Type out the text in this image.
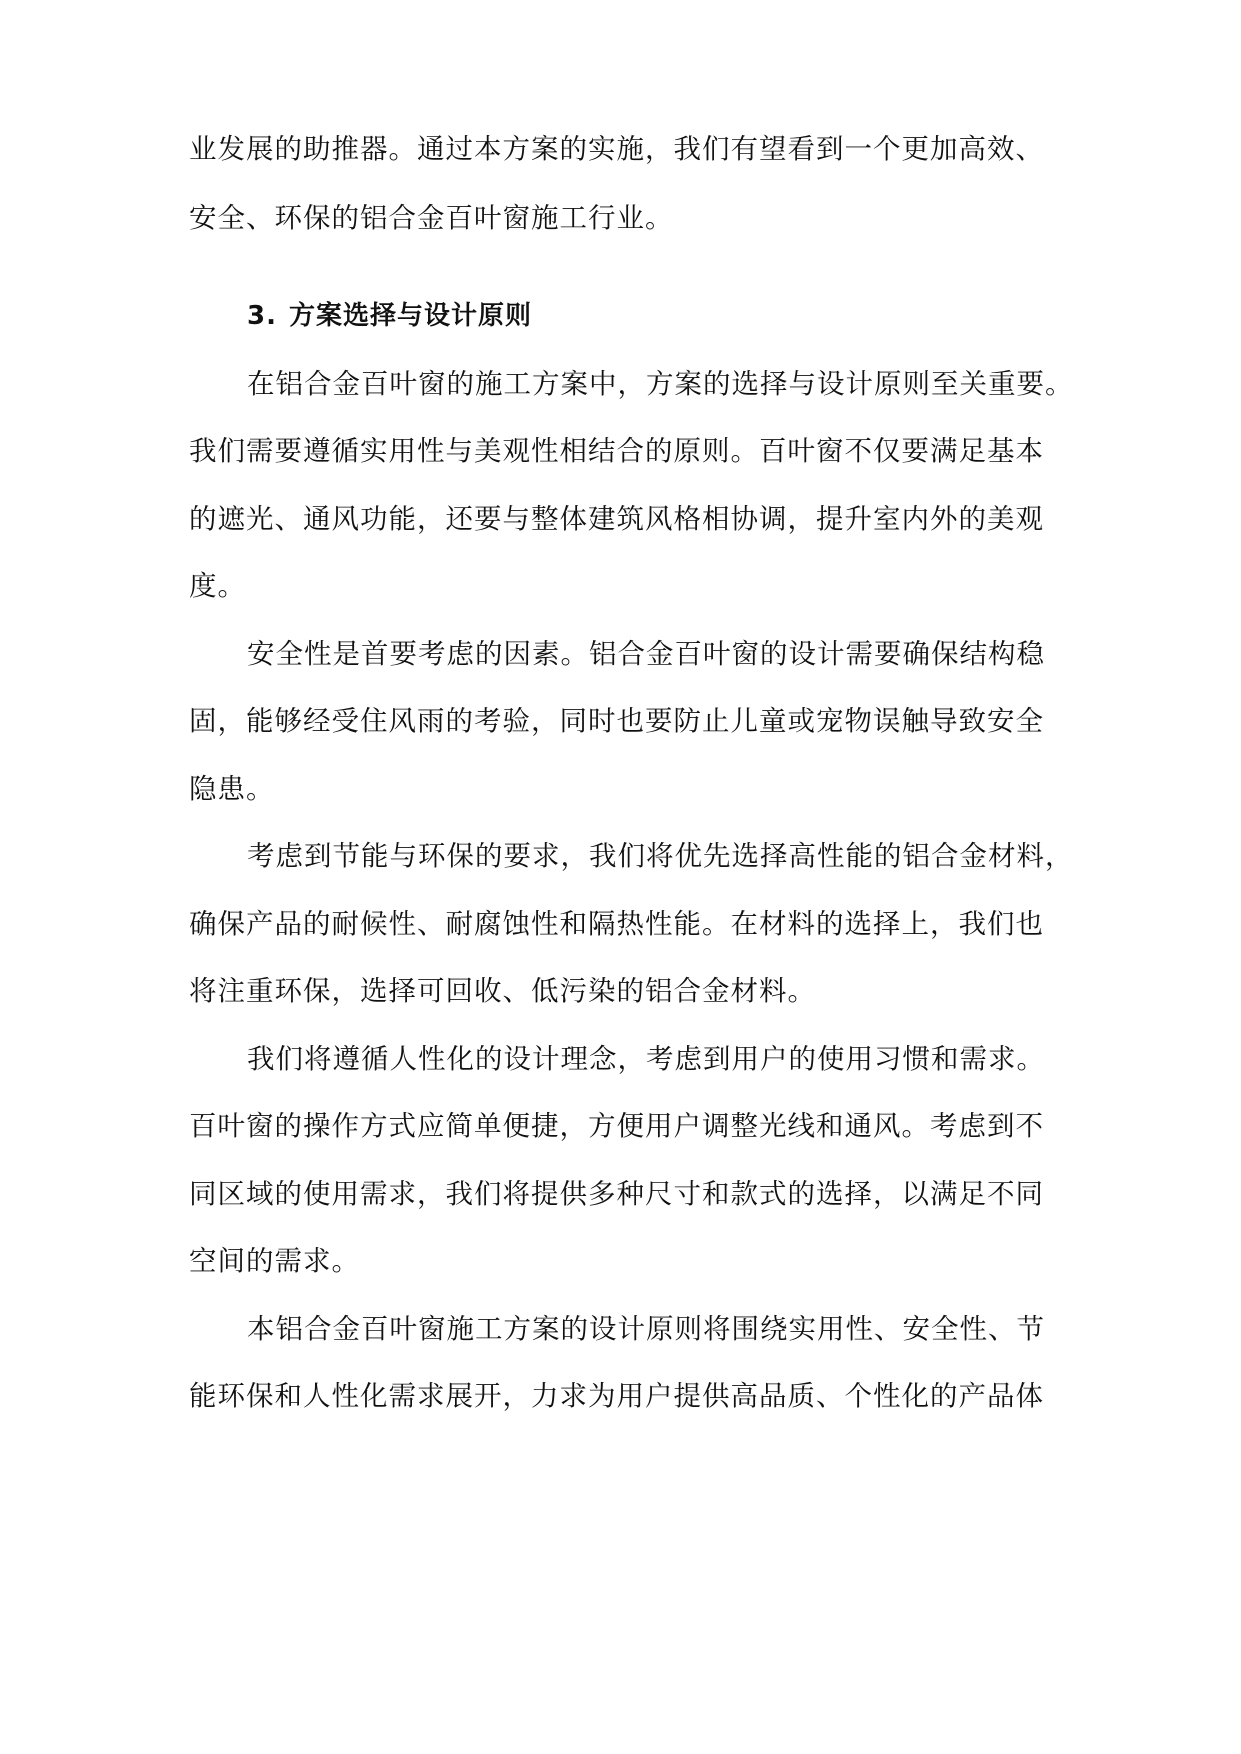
业发展的助推器。通过本方案的实施，我们有望看到一个更加高效、
安全、环保的铝合金百叶窗施工行业。
3. 方案选择与设计原则
在铝合金百叶窗的施工方案中，方案的选择与设计原则至关重要。
我们需要遵循实用性与美观性相结合的原则。百叶窗不仅要满足基本
的遮光、通风功能，还要与整体建筑风格相协调，提升室内外的美观
度。
安全性是首要考虑的因素。铝合金百叶窗的设计需要确保结构稳
固，能够经受住风雨的考验，同时也要防止儿童或宠物误触导致安全
隐患。
考虑到节能与环保的要求，我们将优先选择高性能的铝合金材料，
确保产品的耐候性、耐腐蚀性和隔热性能。在材料的选择上，我们也
将注重环保，选择可回收、低污染的铝合金材料。
我们将遵循人性化的设计理念，考虑到用户的使用习惯和需求。
百叶窗的操作方式应简单便捷，方便用户调整光线和通风。考虑到不
同区域的使用需求，我们将提供多种尺寸和款式的选择，以满足不同
空间的需求。
本铝合金百叶窗施工方案的设计原则将围绕实用性、安全性、节
能环保和人性化需求展开，力求为用户提供高品质、个性化的产品体
